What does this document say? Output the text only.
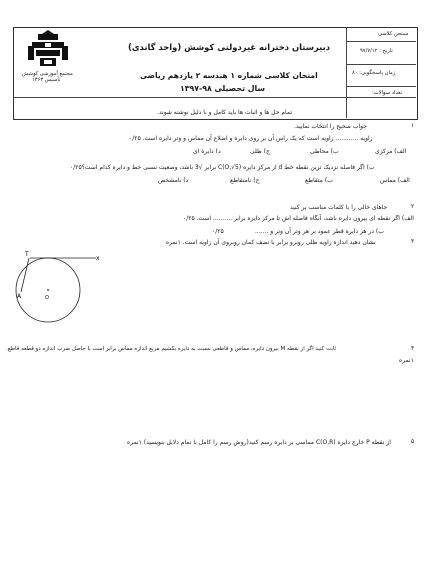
مجتمع آموزشی کوشش
تأسیس ۱۳۶۳
دبیرستان دخترانه غیردولتی کوشش (واحد گاندی)
امتحان کلاسی شماره ۱ هندسه ۲ یازدهم ریاضی
سال تحصیلی ۹۸-۱۳۹۷
ممتحن کلاسی
تاریخ : ۹۷/۷/۱۲
زمان پاسخگویی: ۸۰
تعداد سوالات:
تمام حل ها و اثبات ها باید کامل و با دلیل نوشته شوند.
۱
جواب صحیح را انتخاب نمایید.
زاویه ............ زاویه است که یک راس آن بر روی دایره و اضلاع آن مماس و وتر دایره است. ۰/۲۵
الف) مرکزی
ب) محاطی
ج) ظلی
د) دایره ای
ب) اگر فاصله نزدیک ترین نقطه خط d از مرکز دایره C(O,√5) برابر √3 باشد، وضعیت نسبی خط و دایره کدام است؟۰/۲۵
الف) مماس
ب) متقاطع
ج) نامتقاطع
د) نامشخص
۲
جاهای خالی را با کلمات مناسب پر کنید
الف) اگر نقطه ای بیرون دایره باشد، آنگاه فاصله اش تا مرکز دایره برابر .......... است. ۰/۲۵
ب) در هر دایره قطر عمود بر هر وتر آن وتر و .......
۰/۲۵
۳
نشان دهید اندازه زاویه ظلی روبرو برابر با نصف کمان روبروی آن زاویه است. ۱نمره
T
x
A	O
۴
ثابت کنید اگر از نقطه M بیرون دایره، مماس و قاطعی نسبت به دایره بکشیم مربع اندازه مماس برابر است با حاصل ضرب اندازه دو قطعه قاطع.
۱نمره
۵
از نقطه P خارج دایره C(O,R) مماسی بر دایره رسم کنید(روش رسم را کامل با تمام دلایل بنویسید) ۱نمره
